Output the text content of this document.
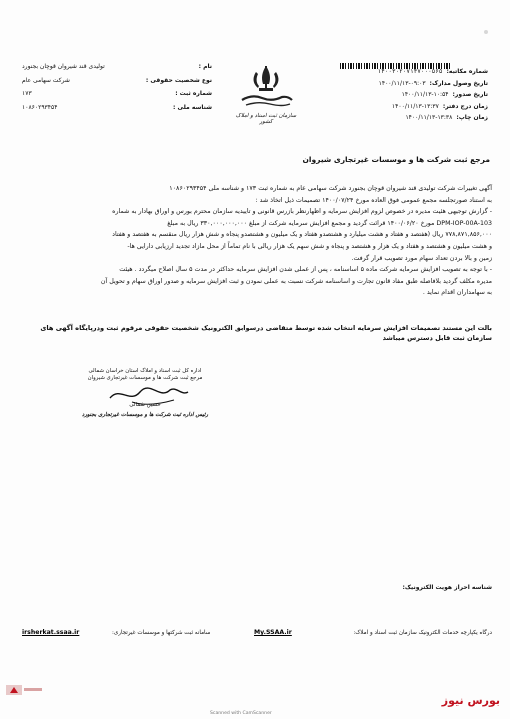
شماره مکاتبه:
۱۴۰۰۳۰۲۰۷۱۴۷۰۰۰۵۶۵
تاریخ وصول مدارک:
۱۴۰۰/۱۱/۱۳-۰۹:۰۳
تاریخ صدور:
۱۴۰۰/۱۱/۱۳-۱۰:۵۴
زمان درج دفتر:
۱۴۰۰/۱۱/۱۳-۱۳:۳۷
زمان چاپ:
۱۴۰۰/۱۱/۱۳-۱۳:۳۸
نام :
تولیدی قند شیروان قوچان بجنورد
نوع شخصیت حقوقی :
شرکت سهامی عام
شماره ثبت :
۱۷۳
شناسه ملی :
۱۰۸۶۰۲۹۳۴۵۴
سازمان ثبت اسناد و املاک کشور
مرجع ثبت شرکت ها و موسسات غیرتجاری شیروان

آگهی تغییرات شرکت تولیدی قند شیروان قوچان بجنورد شرکت سهامی عام به شماره ثبت ۱۷۳ و شناسه ملی ۱۰۸۶۰۲۹۳۴۵۴

به استناد صورتجلسه مجمع عمومی فوق العاده مورخ ۱۴۰۰/۰۷/۲۴ تصمیمات ذیل اتخاذ شد :

- گزارش توجیهی هئیت مدیره در خصوص لزوم افزایش سرمایه و اظهارنظر بازرس قانونی و تاییدیه سازمان محترم بورس و اوراق بهادار به شماره

DPM-IOP-00A-103 مورخ ۱۴۰۰/۰۶/۲۰ قرائت گردید و مجمع افزایش سرمایه شرکت از مبلغ ۳۳۰,۰۰۰,۰۰۰,۰۰۰ ریال به مبلغ

۷۷۸,۸۷۱,۸۵۶,۰۰۰ ریال (هفتصد و هفتاد و هشت میلیارد و هشتصدو هفتاد و یک میلیون و هشتصدو پنجاه و شش هزار ریال منقسم به هفتصد و هفتاد

و هشت میلیون و هشتصد و هفتاد و یک هزار و هشتصد و پنجاه و شش سهم یک هزار ریالی با نام تماماً از محل مازاد تجدید ارزیابی دارایی ها-

زمین و بالا بردن تعداد سهام مورد تصویب قرار گرفت.

- با توجه به تصویب افزایش سرمایه شرکت ماده ۵ اساسنامه ، پس از عملی شدن افزایش سرمایه حداکثر در مدت ۵ سال اصلاح میگردد . هیئت

مدیره مکلف گردید بلافاصله طبق مفاد قانون تجارت و اساسنامه شرکت نسبت به عملی نمودن و ثبت افزایش سرمایه و صدور اوراق سهام و تحویل آن

به سهامداران اقدام نماید .

بالت این مستند تصمیمات افزایش سرمایه انتخاب شده توسط متقاضی درسوابق الکترونیک شخصیت حقوقی مرقوم ثبت ودرپایگاه آگهی های
سازمان ثبت قابل دسترس میباشد
اداره کل ثبت اسناد و املاک استان خراسان شمالی
مرجع ثبت شرکت ها و موسسات غیرتجاری شیروان
حسین شمالی
رئیس اداره ثبت شرکت ها و موسسات غیرتجاری بجنورد
شناسه احراز هویت الکترونیک:
درگاه یکپارچه خدمات الکترونیک سازمان ثبت اسناد و املاک:
My.SSAA.ir
سامانه ثبت شرکتها و موسسات غیرتجاری:
irsherkat.ssaa.ir
بورس نیوز
Scanned with CamScanner
